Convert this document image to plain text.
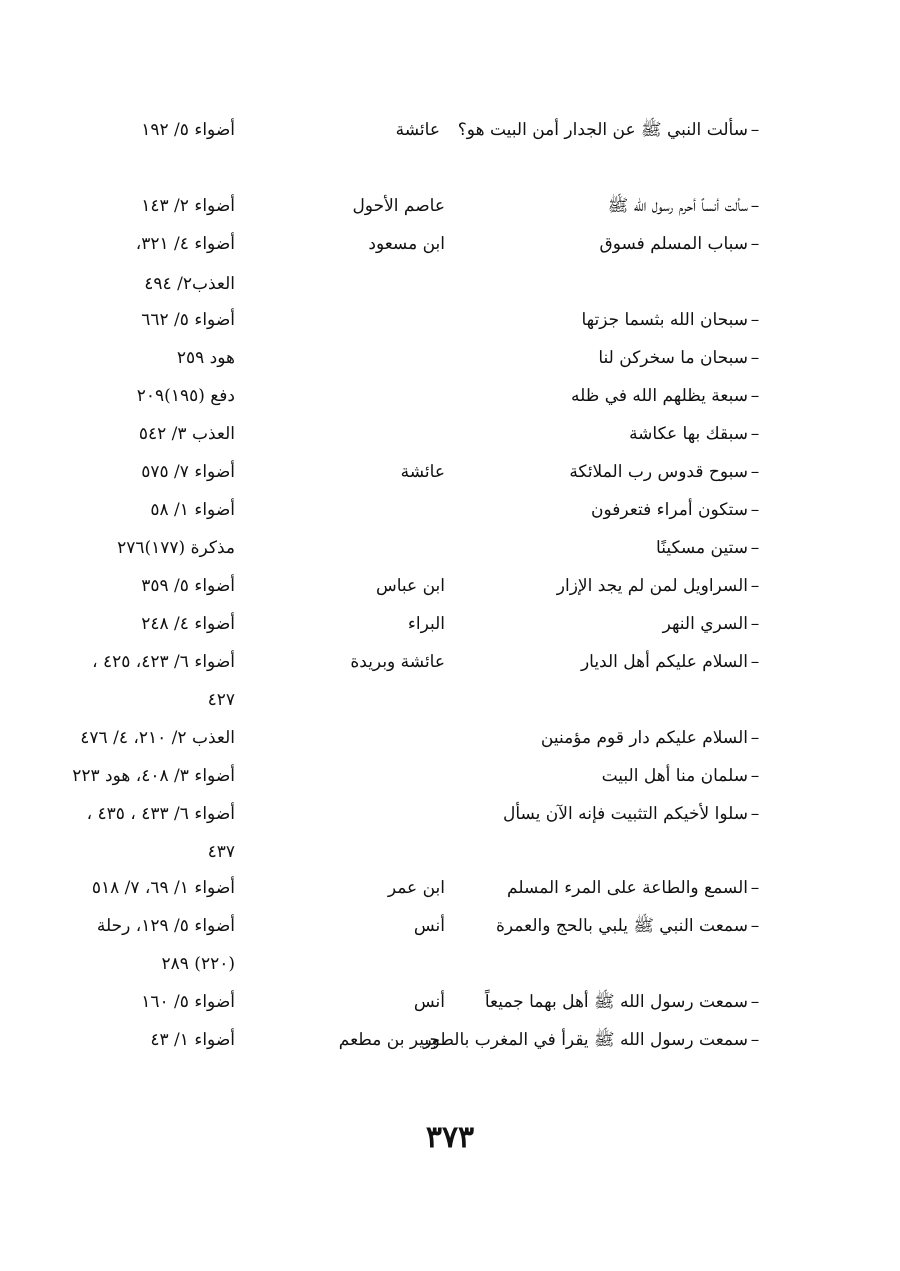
–
سألت النبي ﷺ عن الجدار أمن البيت هو؟
عائشة
أضواء ٥/ ١٩٢
–
سألت أنساً أحرم رسول الله ﷺ
عاصم الأحول
أضواء ٢/ ١٤٣
–
سباب المسلم فسوق
ابن مسعود
أضواء ٤/ ٣٢١،
العذب٢/ ٤٩٤
–
سبحان الله بثسما جزتها
أضواء ٥/ ٦٦٢
–
سبحان ما سخركن لنا
هود ٢٥٩
–
سبعة يظلهم الله في ظله
دفع (١٩٥)٢٠٩
–
سبقك بها عكاشة
العذب ٣/ ٥٤٢
–
سبوح قدوس رب الملائكة
عائشة
أضواء ٧/ ٥٧٥
–
ستكون أمراء فتعرفون
أضواء ١/ ٥٨
–
ستين مسكينًا
مذكرة (١٧٧)٢٧٦
–
السراويل لمن لم يجد الإزار
ابن عباس
أضواء ٥/ ٣٥٩
–
السري النهر
البراء
أضواء ٤/ ٢٤٨
–
السلام عليكم أهل الديار
عائشة وبريدة
أضواء ٦/ ٤٢٣، ٤٢٥ ،
٤٢٧
–
السلام عليكم دار قوم مؤمنين
العذب ٢/ ٢١٠، ٤/ ٤٧٦
–
سلمان منا أهل البيت
أضواء ٣/ ٤٠٨، هود ٢٢٣
–
سلوا لأخيكم التثبيت فإنه الآن يسأل
أضواء ٦/ ٤٣٣ ، ٤٣٥ ،
٤٣٧
–
السمع والطاعة على المرء المسلم
ابن عمر
أضواء ١/ ٦٩، ٧/ ٥١٨
–
سمعت النبي ﷺ يلبي بالحج والعمرة
أنس
أضواء ٥/ ١٢٩، رحلة
(٢٢٠) ٢٨٩
–
سمعت رسول الله ﷺ أهل بهما جميعاً
أنس
أضواء ٥/ ١٦٠
–
سمعت رسول الله ﷺ يقرأ في المغرب بالطور
جبير بن مطعم
أضواء ١/ ٤٣
٣٧٣
